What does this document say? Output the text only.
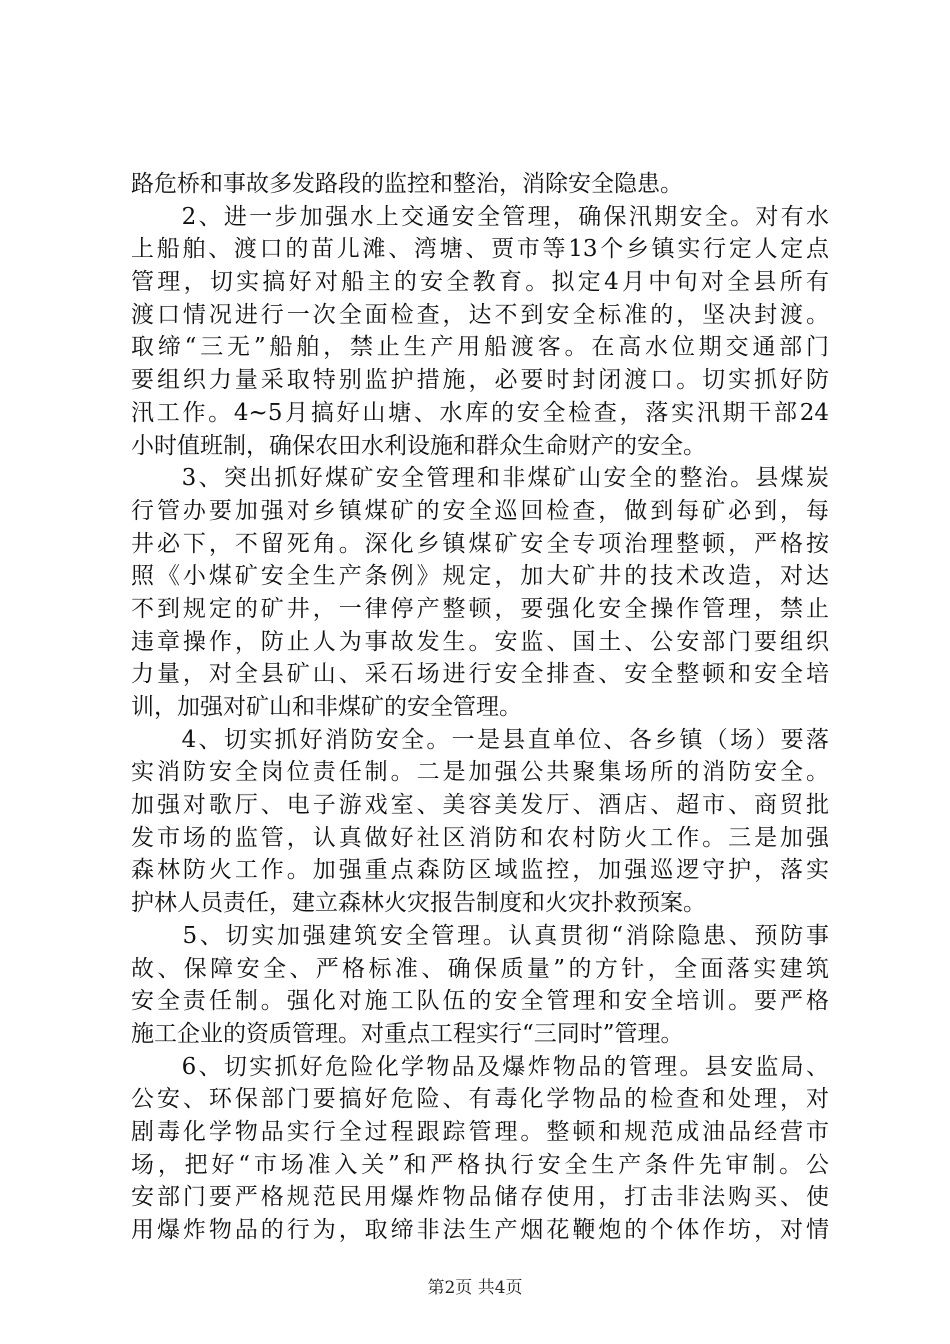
路危桥和事故多发路段的监控和整治，消除安全隐患。
　　2、进一步加强水上交通安全管理，确保汛期安全。对有水
上船舶、渡口的苗儿滩、湾塘、贾市等13个乡镇实行定人定点
管理，切实搞好对船主的安全教育。拟定4月中旬对全县所有
渡口情况进行一次全面检查，达不到安全标准的，坚决封渡。
取缔“三无”船舶，禁止生产用船渡客。在高水位期交通部门
要组织力量采取特别监护措施，必要时封闭渡口。切实抓好防
汛工作。4~5月搞好山塘、水库的安全检查，落实汛期干部24
小时值班制，确保农田水利设施和群众生命财产的安全。
　　3、突出抓好煤矿安全管理和非煤矿山安全的整治。县煤炭
行管办要加强对乡镇煤矿的安全巡回检查，做到每矿必到，每
井必下，不留死角。深化乡镇煤矿安全专项治理整顿，严格按
照《小煤矿安全生产条例》规定，加大矿井的技术改造，对达
不到规定的矿井，一律停产整顿，要强化安全操作管理，禁止
违章操作，防止人为事故发生。安监、国土、公安部门要组织
力量，对全县矿山、采石场进行安全排查、安全整顿和安全培
训，加强对矿山和非煤矿的安全管理。
　　4、切实抓好消防安全。一是县直单位、各乡镇（场）要落
实消防安全岗位责任制。二是加强公共聚集场所的消防安全。
加强对歌厅、电子游戏室、美容美发厅、酒店、超市、商贸批
发市场的监管，认真做好社区消防和农村防火工作。三是加强
森林防火工作。加强重点森防区域监控，加强巡逻守护，落实
护林人员责任，建立森林火灾报告制度和火灾扑救预案。
　　5、切实加强建筑安全管理。认真贯彻“消除隐患、预防事
故、保障安全、严格标准、确保质量”的方针，全面落实建筑
安全责任制。强化对施工队伍的安全管理和安全培训。要严格
施工企业的资质管理。对重点工程实行“三同时”管理。
　　6、切实抓好危险化学物品及爆炸物品的管理。县安监局、
公安、环保部门要搞好危险、有毒化学物品的检查和处理，对
剧毒化学物品实行全过程跟踪管理。整顿和规范成油品经营市
场，把好“市场准入关”和严格执行安全生产条件先审制。公
安部门要严格规范民用爆炸物品储存使用，打击非法购买、使
用爆炸物品的行为，取缔非法生产烟花鞭炮的个体作坊，对情
第2页 共4页
